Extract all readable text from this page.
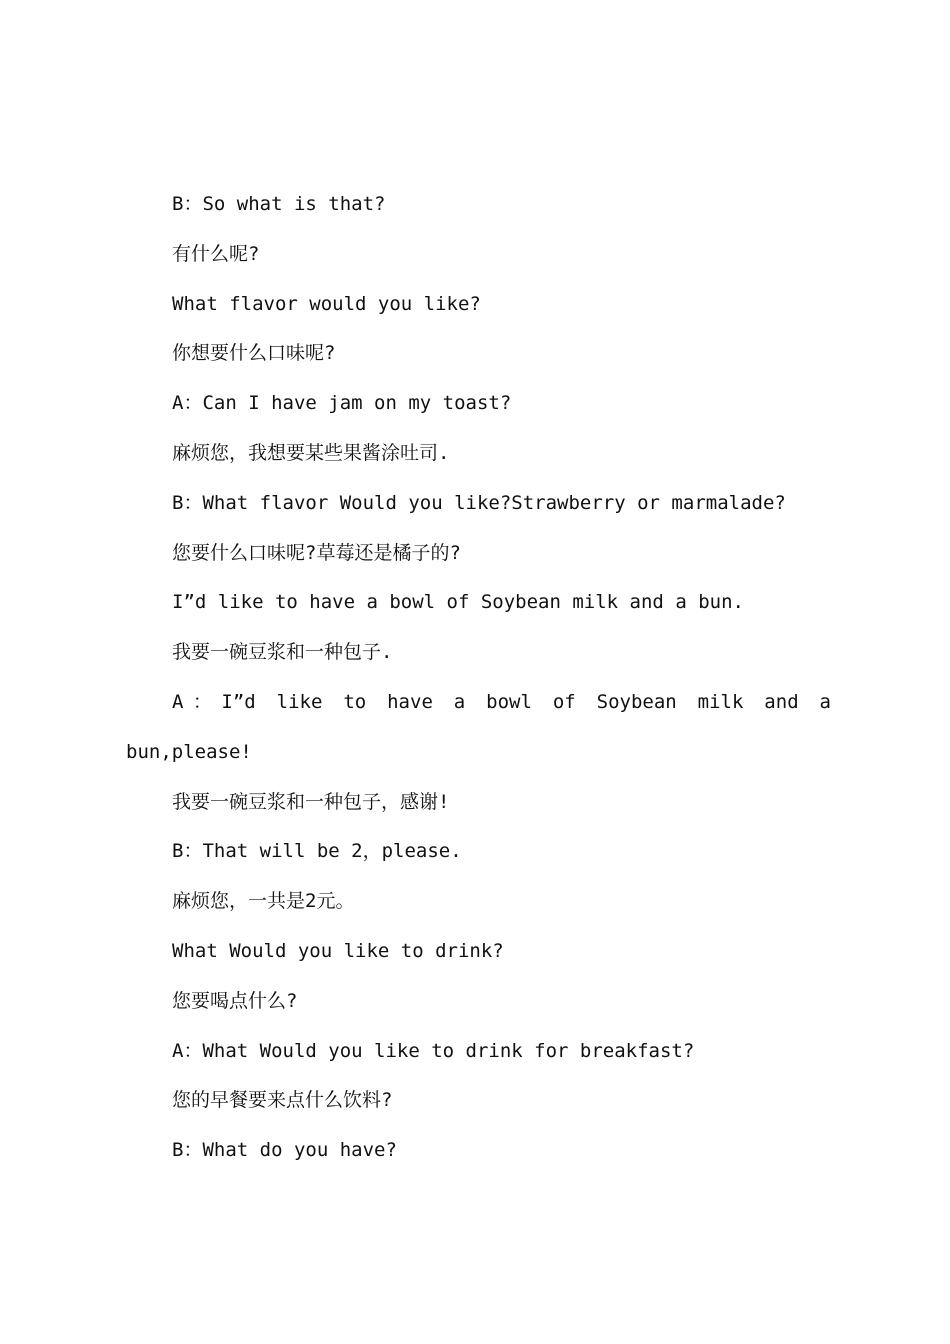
B：So what is that?
有什么呢?
What flavor would you like?
你想要什么口味呢?
A：Can I have jam on my toast?
麻烦您，我想要某些果酱涂吐司.
B：What flavor Would you like?Strawberry or marmalade?
您要什么口味呢?草莓还是橘子的?
I”d like to have a bowl of Soybean milk and a bun.
我要一碗豆浆和一种包子.
A：I”d like to have a bowl of Soybean milk and a
bun,please!
我要一碗豆浆和一种包子，感谢!
B：That will be 2，please.
麻烦您，一共是2元。
What Would you like to drink?
您要喝点什么?
A：What Would you like to drink for breakfast?
您的早餐要来点什么饮料?
B：What do you have?
